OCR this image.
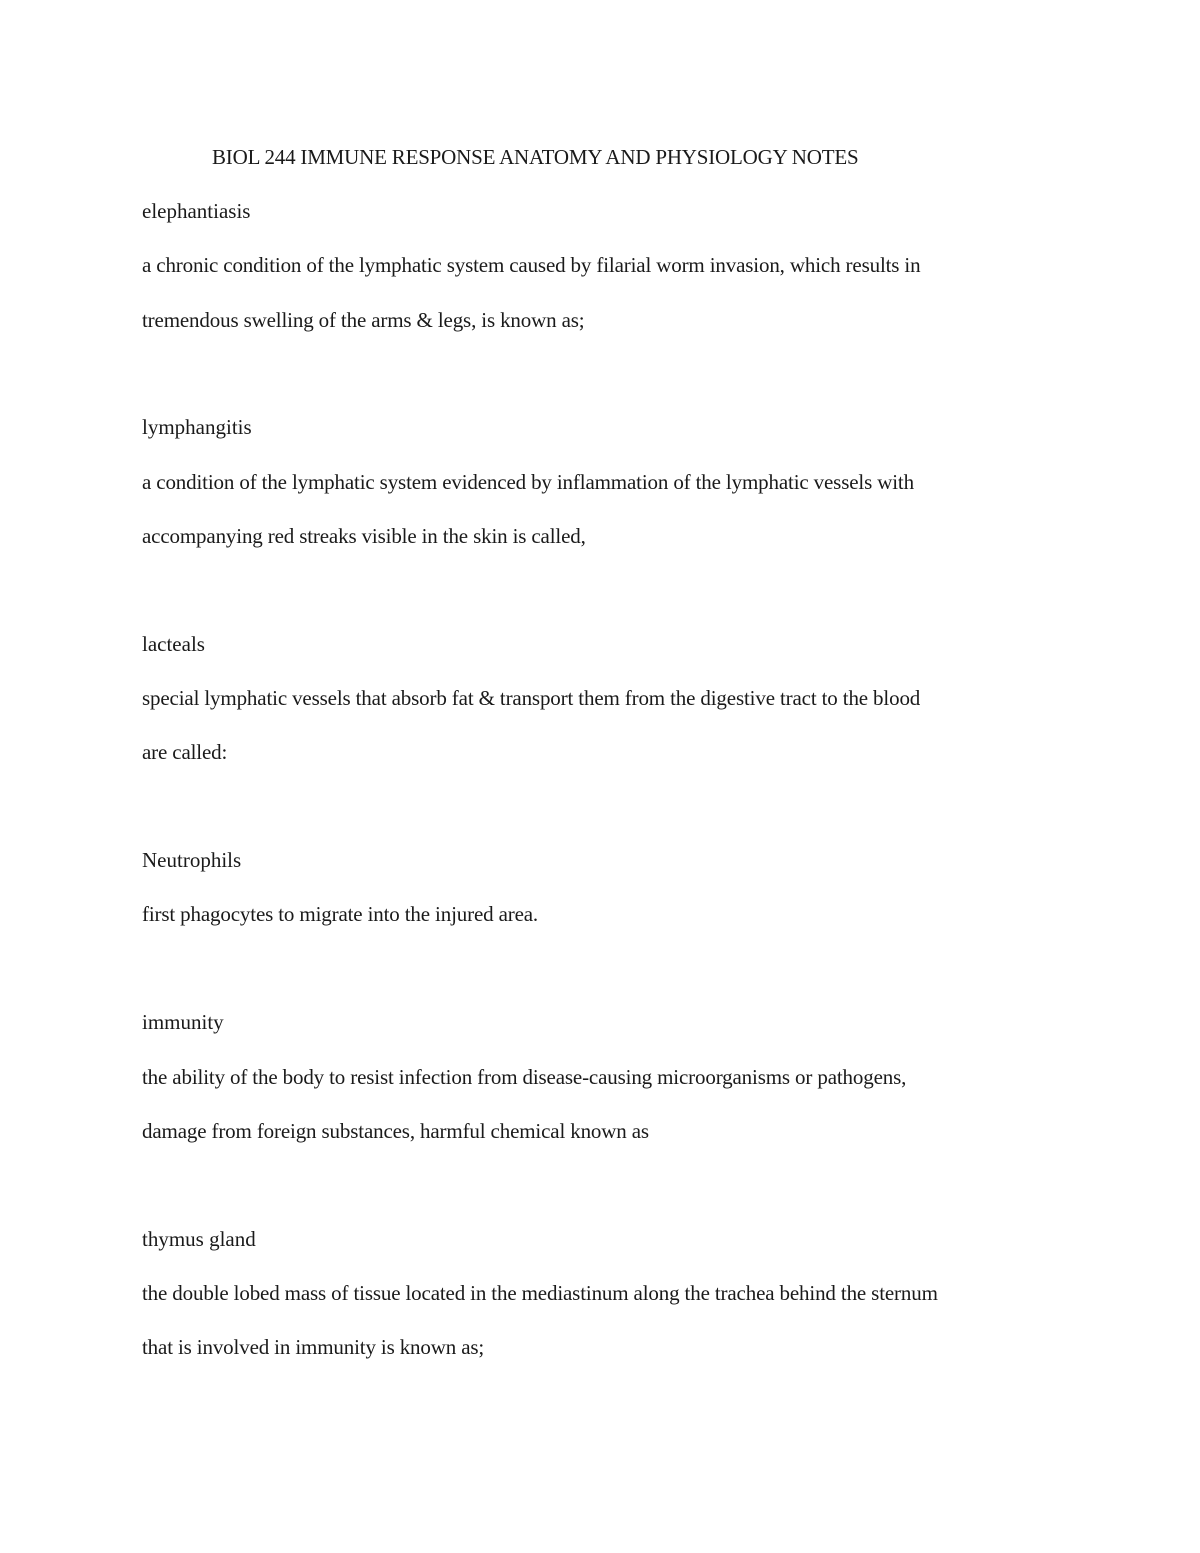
BIOL 244 IMMUNE RESPONSE ANATOMY AND PHYSIOLOGY NOTES
elephantiasis
a chronic condition of the lymphatic system caused by filarial worm invasion, which results in
tremendous swelling of the arms & legs, is known as;
lymphangitis
a condition of the lymphatic system evidenced by inflammation of the lymphatic vessels with
accompanying red streaks visible in the skin is called,
lacteals
special lymphatic vessels that absorb fat & transport them from the digestive tract to the blood
are called:
Neutrophils
first phagocytes to migrate into the injured area.
immunity
the ability of the body to resist infection from disease-causing microorganisms or pathogens,
damage from foreign substances, harmful chemical known as
thymus gland
the double lobed mass of tissue located in the mediastinum along the trachea behind the sternum
that is involved in immunity is known as;
